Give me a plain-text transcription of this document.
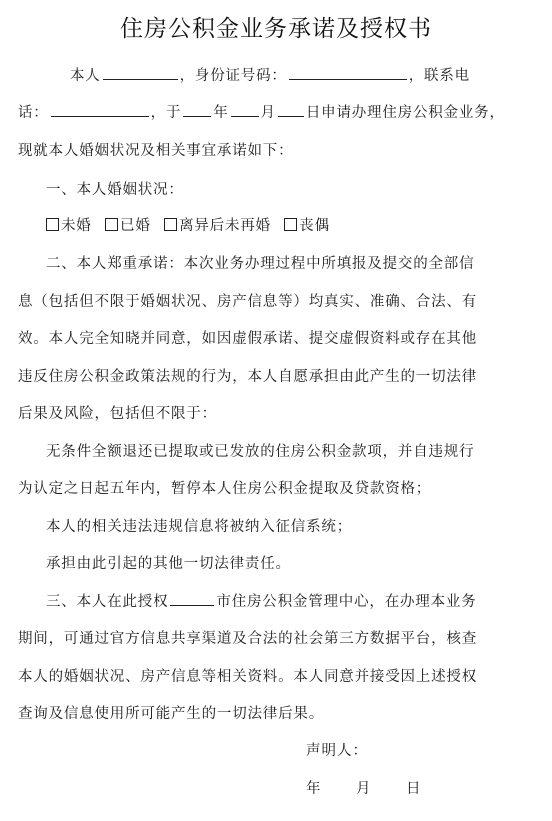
住房公积金业务承诺及授权书
本人	，身份证号码：	，联系电
话：	，于 年 月 日申请办理住房公积金业务，
现就本人婚姻状况及相关事宜承诺如下：
一、本人婚姻状况：
未婚 已婚 离异后未再婚 丧偶
二、本人郑重承诺：本次业务办理过程中所填报及提交的全部信
息（包括但不限于婚姻状况、房产信息等）均真实、准确、合法、有
效。本人完全知晓并同意，如因虚假承诺、提交虚假资料或存在其他
违反住房公积金政策法规的行为，本人自愿承担由此产生的一切法律
后果及风险，包括但不限于：
无条件全额退还已提取或已发放的住房公积金款项，并自违规行
为认定之日起五年内，暂停本人住房公积金提取及贷款资格；
本人的相关违法违规信息将被纳入征信系统；
承担由此引起的其他一切法律责任。
三、本人在此授权	市住房公积金管理中心，在办理本业务
期间，可通过官方信息共享渠道及合法的社会第三方数据平台，核查
本人的婚姻状况、房产信息等相关资料。本人同意并接受因上述授权
查询及信息使用所可能产生的一切法律后果。
声明人：
年 月 日
